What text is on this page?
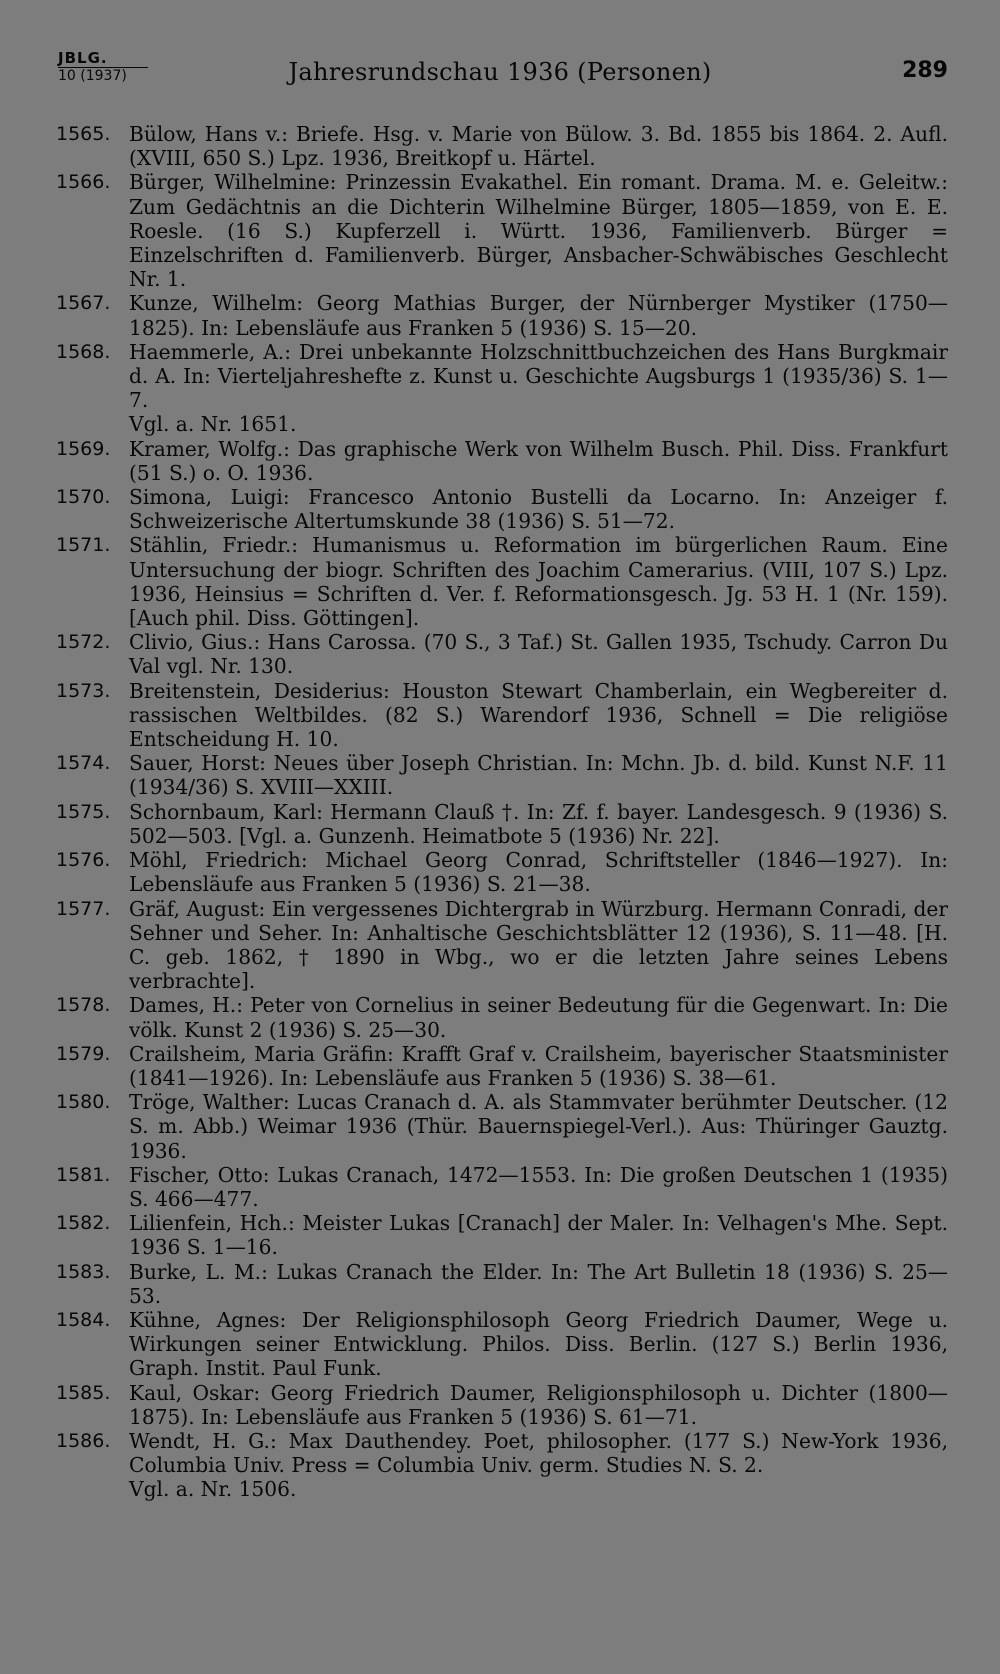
JBLG.
10 (1937)	Jahresrundschau 1936 (Personen)	289
1565. Bülow, Hans v.: Briefe. Hsg. v. Marie von Bülow. 3. Bd. 1855 bis 1864. 2. Aufl. (XVIII, 650 S.) Lpz. 1936, Breitkopf u. Härtel.
1566. Bürger, Wilhelmine: Prinzessin Evakathel. Ein romant. Drama. M. e. Geleitw.: Zum Gedächtnis an die Dichterin Wilhelmine Bürger, 1805—1859, von E. E. Roesle. (16 S.) Kupferzell i. Württ. 1936, Familienverb. Bürger = Einzelschriften d. Familienverb. Bürger, Ansbacher-Schwäbisches Geschlecht Nr. 1.
1567. Kunze, Wilhelm: Georg Mathias Burger, der Nürnberger Mystiker (1750—1825). In: Lebensläufe aus Franken 5 (1936) S. 15—20.
1568. Haemmerle, A.: Drei unbekannte Holzschnittbuchzeichen des Hans Burgkmair d. A. In: Vierteljahreshefte z. Kunst u. Geschichte Augsburgs 1 (1935/36) S. 1—7.
Vgl. a. Nr. 1651.
1569. Kramer, Wolfg.: Das graphische Werk von Wilhelm Busch. Phil. Diss. Frankfurt (51 S.) o. O. 1936.
1570. Simona, Luigi: Francesco Antonio Bustelli da Locarno. In: Anzeiger f. Schweizerische Altertumskunde 38 (1936) S. 51—72.
1571. Stählin, Friedr.: Humanismus u. Reformation im bürgerlichen Raum. Eine Untersuchung der biogr. Schriften des Joachim Camerarius. (VIII, 107 S.) Lpz. 1936, Heinsius = Schriften d. Ver. f. Reformationsgesch. Jg. 53 H. 1 (Nr. 159). [Auch phil. Diss. Göttingen].
1572. Clivio, Gius.: Hans Carossa. (70 S., 3 Taf.) St. Gallen 1935, Tschudy. Carron Du Val vgl. Nr. 130.
1573. Breitenstein, Desiderius: Houston Stewart Chamberlain, ein Wegbereiter d. rassischen Weltbildes. (82 S.) Warendorf 1936, Schnell = Die religiöse Entscheidung H. 10.
1574. Sauer, Horst: Neues über Joseph Christian. In: Mchn. Jb. d. bild. Kunst N.F. 11 (1934/36) S. XVIII—XXIII.
1575. Schornbaum, Karl: Hermann Clauß †. In: Zf. f. bayer. Landesgesch. 9 (1936) S. 502—503. [Vgl. a. Gunzenh. Heimatbote 5 (1936) Nr. 22].
1576. Möhl, Friedrich: Michael Georg Conrad, Schriftsteller (1846—1927). In: Lebensläufe aus Franken 5 (1936) S. 21—38.
1577. Gräf, August: Ein vergessenes Dichtergrab in Würzburg. Hermann Conradi, der Sehner und Seher. In: Anhaltische Geschichtsblätter 12 (1936), S. 11—48. [H. C. geb. 1862, † 1890 in Wbg., wo er die letzten Jahre seines Lebens verbrachte].
1578. Dames, H.: Peter von Cornelius in seiner Bedeutung für die Gegenwart. In: Die völk. Kunst 2 (1936) S. 25—30.
1579. Crailsheim, Maria Gräfin: Krafft Graf v. Crailsheim, bayerischer Staatsminister (1841—1926). In: Lebensläufe aus Franken 5 (1936) S. 38—61.
1580. Tröge, Walther: Lucas Cranach d. A. als Stammvater berühmter Deutscher. (12 S. m. Abb.) Weimar 1936 (Thür. Bauernspiegel-Verl.). Aus: Thüringer Gauztg. 1936.
1581. Fischer, Otto: Lukas Cranach, 1472—1553. In: Die großen Deutschen 1 (1935) S. 466—477.
1582. Lilienfein, Hch.: Meister Lukas [Cranach] der Maler. In: Velhagen's Mhe. Sept. 1936 S. 1—16.
1583. Burke, L. M.: Lukas Cranach the Elder. In: The Art Bulletin 18 (1936) S. 25—53.
1584. Kühne, Agnes: Der Religionsphilosoph Georg Friedrich Daumer, Wege u. Wirkungen seiner Entwicklung. Philos. Diss. Berlin. (127 S.) Berlin 1936, Graph. Instit. Paul Funk.
1585. Kaul, Oskar: Georg Friedrich Daumer, Religionsphilosoph u. Dichter (1800—1875). In: Lebensläufe aus Franken 5 (1936) S. 61—71.
1586. Wendt, H. G.: Max Dauthendey. Poet, philosopher. (177 S.) New-York 1936, Columbia Univ. Press = Columbia Univ. germ. Studies N. S. 2.
Vgl. a. Nr. 1506.
